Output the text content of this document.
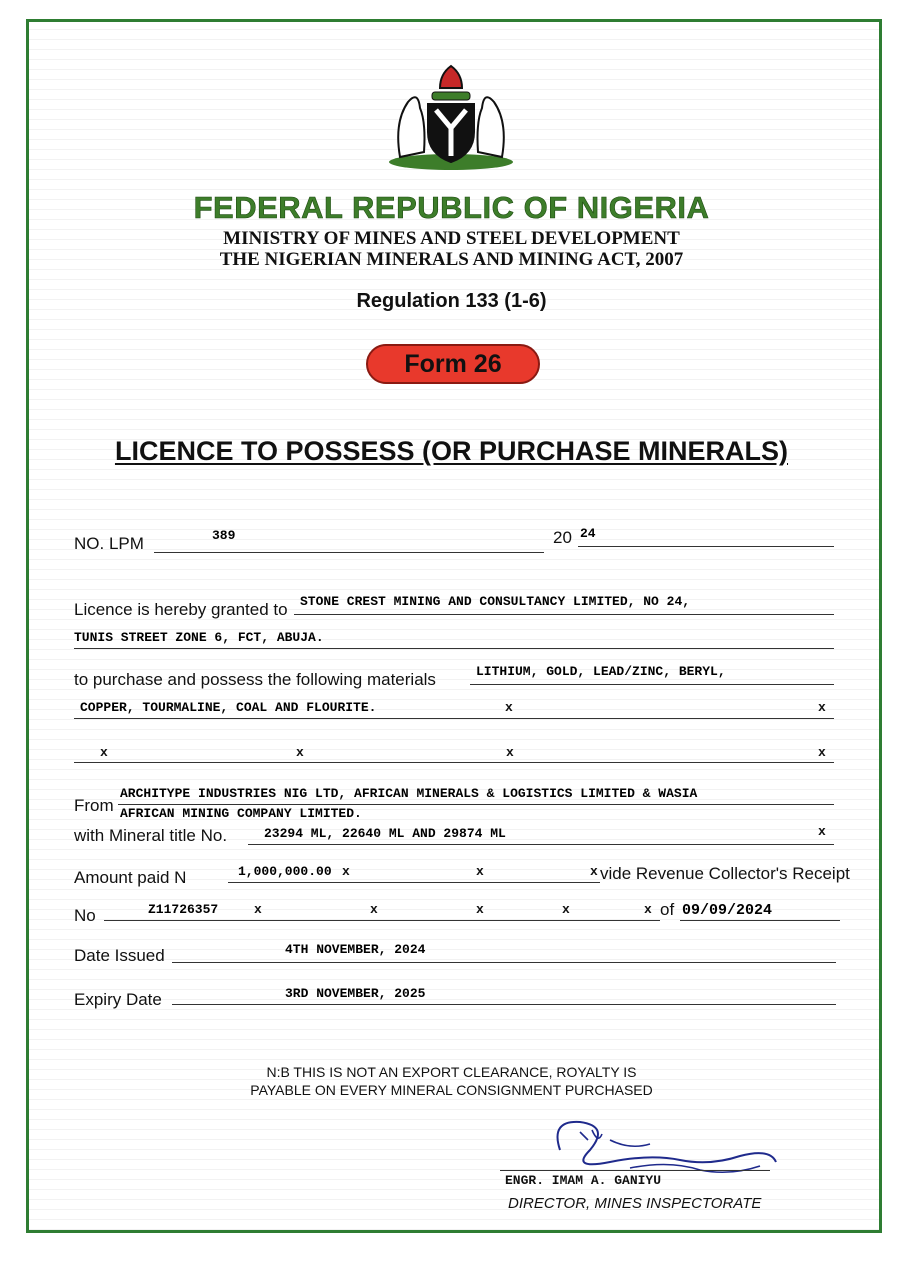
FEDERAL REPUBLIC OF NIGERIA
MINISTRY OF MINES AND STEEL DEVELOPMENT
THE NIGERIAN MINERALS AND MINING ACT, 2007
Regulation 133 (1-6)
Form 26
LICENCE TO POSSESS (OR PURCHASE MINERALS)
NO. LPM	389	20 24
Licence is hereby granted to STONE CREST MINING AND CONSULTANCY LIMITED, NO 24,
TUNIS STREET ZONE 6, FCT, ABUJA.
to purchase and possess the following materials	LITHIUM, GOLD, LEAD/ZINC, BERYL,
COPPER, TOURMALINE, COAL AND FLOURITE.	x	x
x	x	x	x
From
ARCHITYPE INDUSTRIES NIG LTD, AFRICAN MINERALS & LOGISTICS LIMITED & WASIA
AFRICAN MINING COMPANY LIMITED.
with Mineral title No.	23294 ML, 22640 ML AND 29874 ML	x
Amount paid N	1,000,000.00 x	x	x vide Revenue Collector's Receipt
No	Z11726357	x	x	x	x	x of 09/09/2024
Date Issued	4TH NOVEMBER, 2024
Expiry Date	3RD NOVEMBER, 2025
N:B THIS IS NOT AN EXPORT CLEARANCE, ROYALTY IS
PAYABLE ON EVERY MINERAL CONSIGNMENT PURCHASED
ENGR. IMAM A. GANIYU
DIRECTOR, MINES INSPECTORATE
